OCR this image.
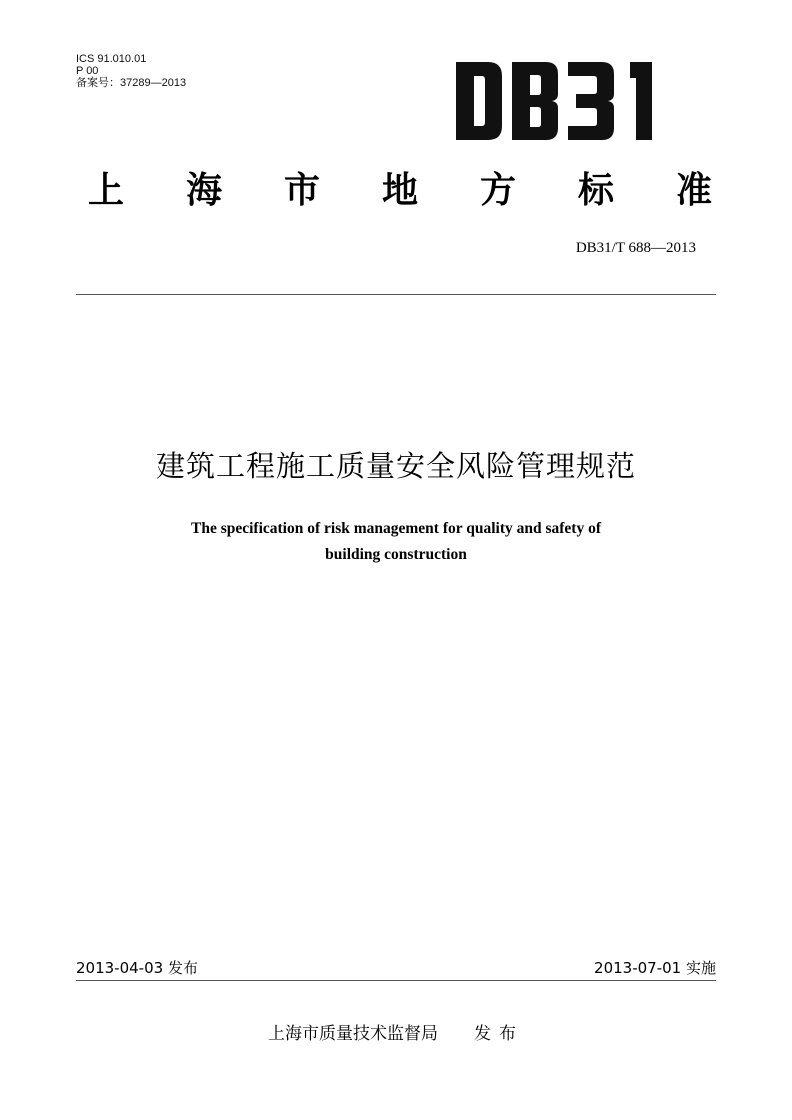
ICS 91.010.01
P 00
备案号：37289—2013
上 海 市 地 方 标 准
DB31/T 688—2013
建筑工程施工质量安全风险管理规范
The specification of risk management for quality and safety of
building construction
2013-04-03 发布	2013-07-01 实施
上海市质量技术监督局 发布
